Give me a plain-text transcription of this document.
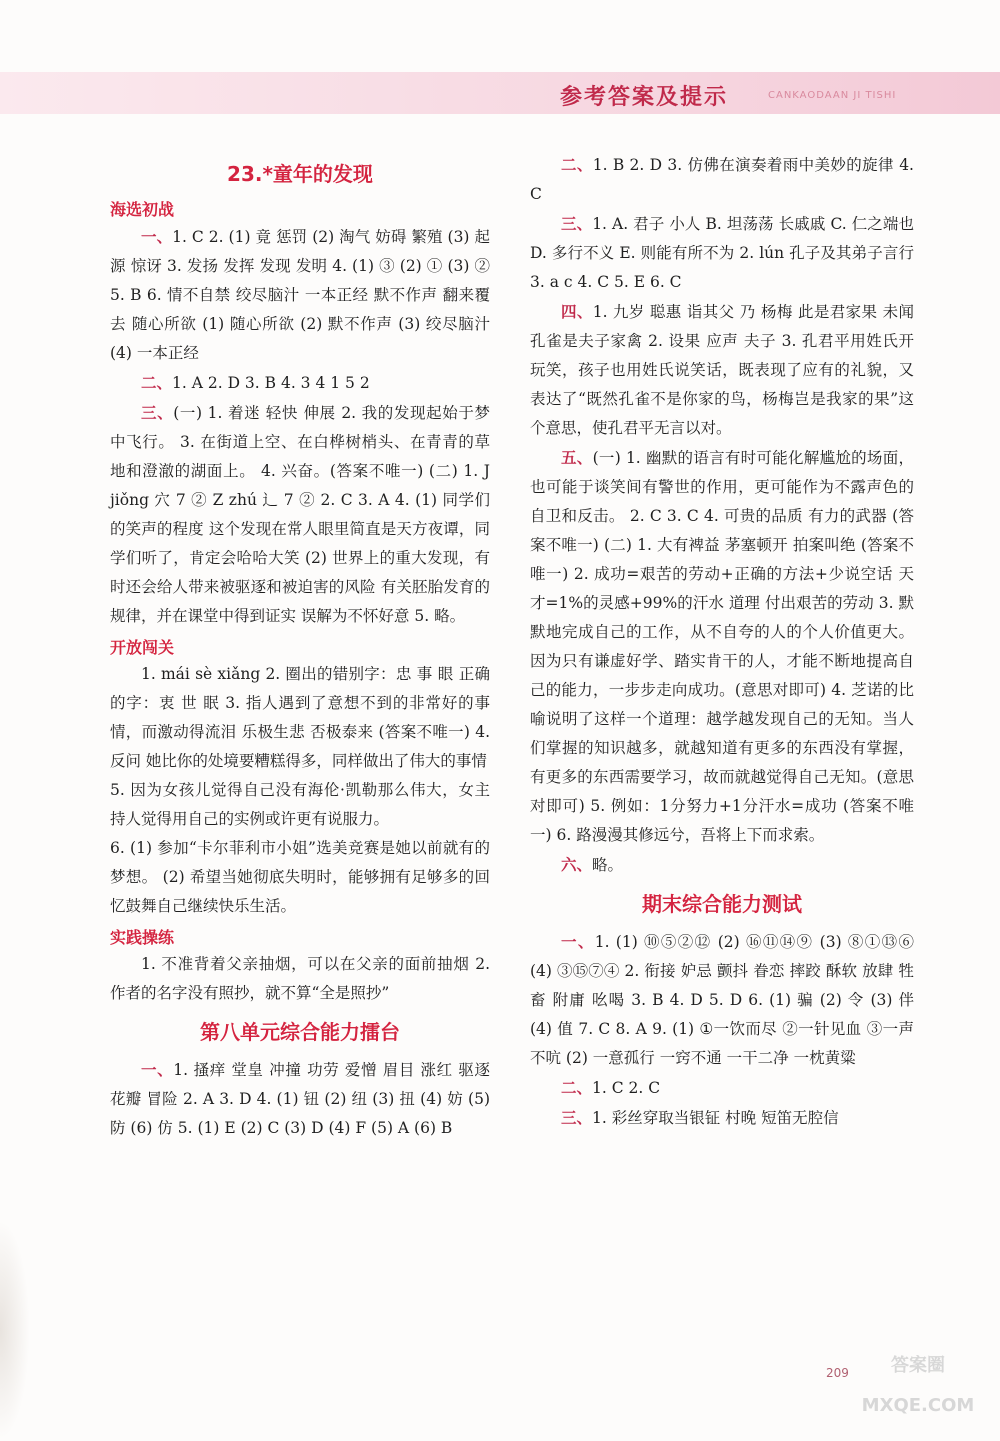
参考答案及提示	CANKAODAAN JI TISHI
23.*童年的发现
海选初战

一、1. C 2. (1) 竟 惩罚 (2) 淘气 妨碍 繁殖 (3) 起源 惊讶 3. 发扬 发挥 发现 发明 4. (1) ③ (2) ① (3) ② 5. B 6. 情不自禁 绞尽脑汁 一本正经 默不作声 翻来覆去 随心所欲 (1) 随心所欲 (2) 默不作声 (3) 绞尽脑汁 (4) 一本正经

二、1. A 2. D 3. B 4. 3 4 1 5 2

三、(一) 1. 着迷 轻快 伸展 2. 我的发现起始于梦中飞行。 3. 在街道上空、在白桦树梢头、在青青的草地和澄澈的湖面上。 4. 兴奋。(答案不唯一) (二) 1. J jiǒng 穴 7 ② Z zhú 辶 7 ② 2. C 3. A 4. (1) 同学们的笑声的程度 这个发现在常人眼里简直是天方夜谭，同学们听了，肯定会哈哈大笑 (2) 世界上的重大发现，有时还会给人带来被驱逐和被迫害的风险 有关胚胎发育的规律，并在课堂中得到证实 误解为不怀好意 5. 略。

开放闯关

1. mái sè xiǎng 2. 圈出的错别字：忠 事 眼 正确的字：衷 世 眠 3. 指人遇到了意想不到的非常好的事情，而激动得流泪 乐极生悲 否极泰来 (答案不唯一) 4. 反问 她比你的处境要糟糕得多，同样做出了伟大的事情

5. 因为女孩儿觉得自己没有海伦·凯勒那么伟大，女主持人觉得用自己的实例或许更有说服力。

6. (1) 参加“卡尔菲利市小姐”选美竞赛是她以前就有的梦想。 (2) 希望当她彻底失明时，能够拥有足够多的回忆鼓舞自己继续快乐生活。

实践操练

1. 不准背着父亲抽烟，可以在父亲的面前抽烟 2. 作者的名字没有照抄，就不算“全是照抄”

第八单元综合能力擂台

一、1. 搔痒 堂皇 冲撞 功劳 爱憎 眉目 涨红 驱逐 花瓣 冒险 2. A 3. D 4. (1) 钮 (2) 纽 (3) 扭 (4) 妨 (5) 防 (6) 仿 5. (1) E (2) C (3) D (4) F (5) A (6) B

二、1. B 2. D 3. 仿佛在演奏着雨中美妙的旋律 4. C

三、1. A. 君子 小人 B. 坦荡荡 长戚戚 C. 仁之端也 D. 多行不义 E. 则能有所不为 2. lún 孔子及其弟子言行 3. a c 4. C 5. E 6. C

四、1. 九岁 聪惠 诣其父 乃 杨梅 此是君家果 未闻孔雀是夫子家禽 2. 设果 应声 夫子 3. 孔君平用姓氏开玩笑，孩子也用姓氏说笑话，既表现了应有的礼貌，又表达了“既然孔雀不是你家的鸟，杨梅岂是我家的果”这个意思，使孔君平无言以对。

五、(一) 1. 幽默的语言有时可能化解尴尬的场面，也可能于谈笑间有警世的作用，更可能作为不露声色的自卫和反击。 2. C 3. C 4. 可贵的品质 有力的武器 (答案不唯一) (二) 1. 大有裨益 茅塞顿开 拍案叫绝 (答案不唯一) 2. 成功=艰苦的劳动+正确的方法+少说空话 天才=1%的灵感+99%的汗水 道理 付出艰苦的劳动 3. 默默地完成自己的工作，从不自夸的人的个人价值更大。因为只有谦虚好学、踏实肯干的人，才能不断地提高自己的能力，一步步走向成功。(意思对即可) 4. 芝诺的比喻说明了这样一个道理：越学越发现自己的无知。当人们掌握的知识越多，就越知道有更多的东西没有掌握，有更多的东西需要学习，故而就越觉得自己无知。(意思对即可) 5. 例如：1分努力+1分汗水=成功 (答案不唯一) 6. 路漫漫其修远兮，吾将上下而求索。

六、略。

期末综合能力测试

一、1. (1) ⑩⑤②⑫ (2) ⑯⑪⑭⑨ (3) ⑧①⑬⑥ (4) ③⑮⑦④ 2. 衔接 妒忌 颤抖 眷恋 摔跤 酥软 放肆 牲畜 附庸 吆喝 3. B 4. D 5. D 6. (1) 骗 (2) 令 (3) 伴 (4) 值 7. C 8. A 9. (1) ①一饮而尽 ②一针见血 ③一声不吭 (2) 一意孤行 一窍不通 一干二净 一枕黄粱

二、1. C 2. C

三、1. 彩丝穿取当银钲 村晚 短笛无腔信

209	答案圈 MXQE.COM
